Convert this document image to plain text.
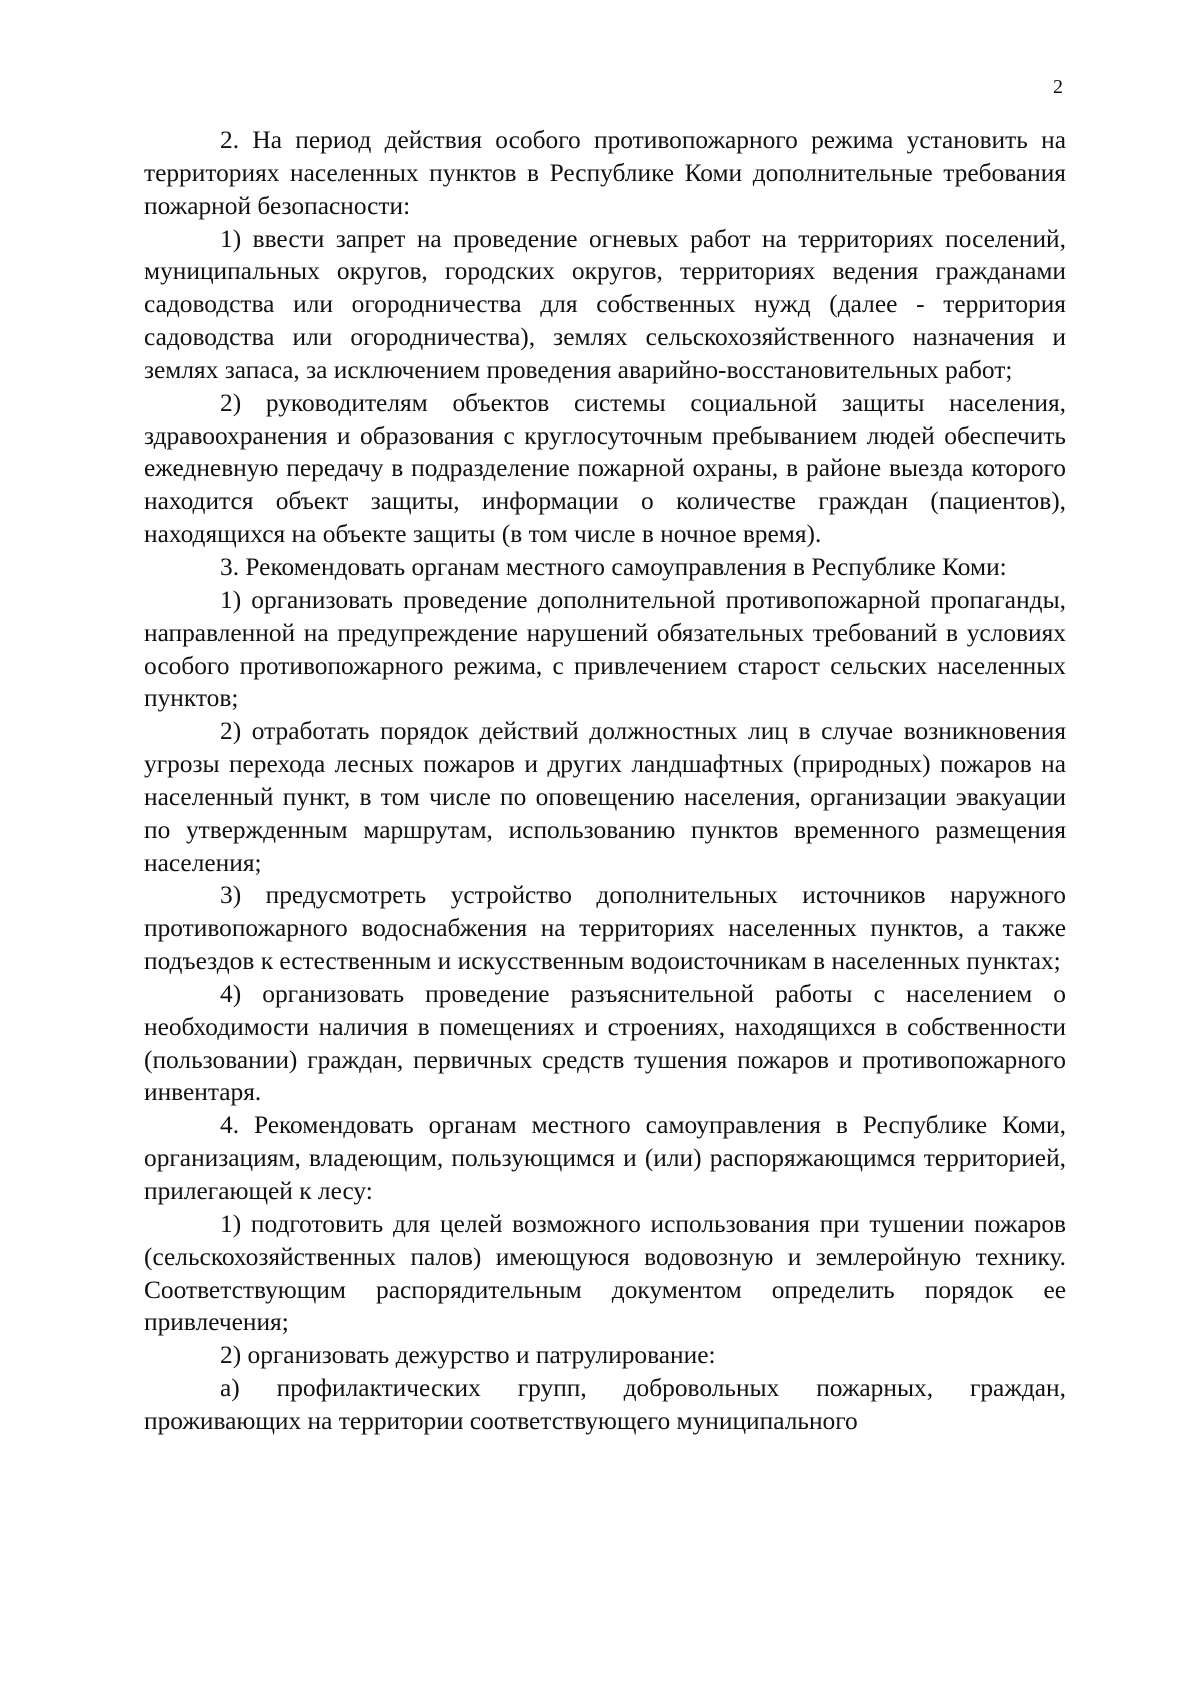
2

2. На период действия особого противопожарного режима установить на территориях населенных пунктов в Республике Коми дополнительные требования пожарной безопасности:

1) ввести запрет на проведение огневых работ на территориях поселений, муниципальных округов, городских округов, территориях ведения гражданами садоводства или огородничества для собственных нужд (далее - территория садоводства или огородничества), землях сельскохозяйственного назначения и землях запаса, за исключением проведения аварийно-восстановительных работ;

2) руководителям объектов системы социальной защиты населения, здравоохранения и образования с круглосуточным пребыванием людей обеспечить ежедневную передачу в подразделение пожарной охраны, в районе выезда которого находится объект защиты, информации о количестве граждан (пациентов), находящихся на объекте защиты (в том числе в ночное время).

3. Рекомендовать органам местного самоуправления в Республике Коми:

1) организовать проведение дополнительной противопожарной пропаганды, направленной на предупреждение нарушений обязательных требований в условиях особого противопожарного режима, с привлечением старост сельских населенных пунктов;

2) отработать порядок действий должностных лиц в случае возникновения угрозы перехода лесных пожаров и других ландшафтных (природных) пожаров на населенный пункт, в том числе по оповещению населения, организации эвакуации по утвержденным маршрутам, использованию пунктов временного размещения населения;

3) предусмотреть устройство дополнительных источников наружного противопожарного водоснабжения на территориях населенных пунктов, а также подъездов к естественным и искусственным водоисточникам в населенных пунктах;

4) организовать проведение разъяснительной работы с населением о необходимости наличия в помещениях и строениях, находящихся в собственности (пользовании) граждан, первичных средств тушения пожаров и противопожарного инвентаря.

4. Рекомендовать органам местного самоуправления в Республике Коми, организациям, владеющим, пользующимся и (или) распоряжающимся территорией, прилегающей к лесу:

1) подготовить для целей возможного использования при тушении пожаров (сельскохозяйственных палов) имеющуюся водовозную и землеройную технику. Соответствующим распорядительным документом определить порядок ее привлечения;

2) организовать дежурство и патрулирование:

а) профилактических групп, добровольных пожарных, граждан, проживающих на территории соответствующего муниципального
